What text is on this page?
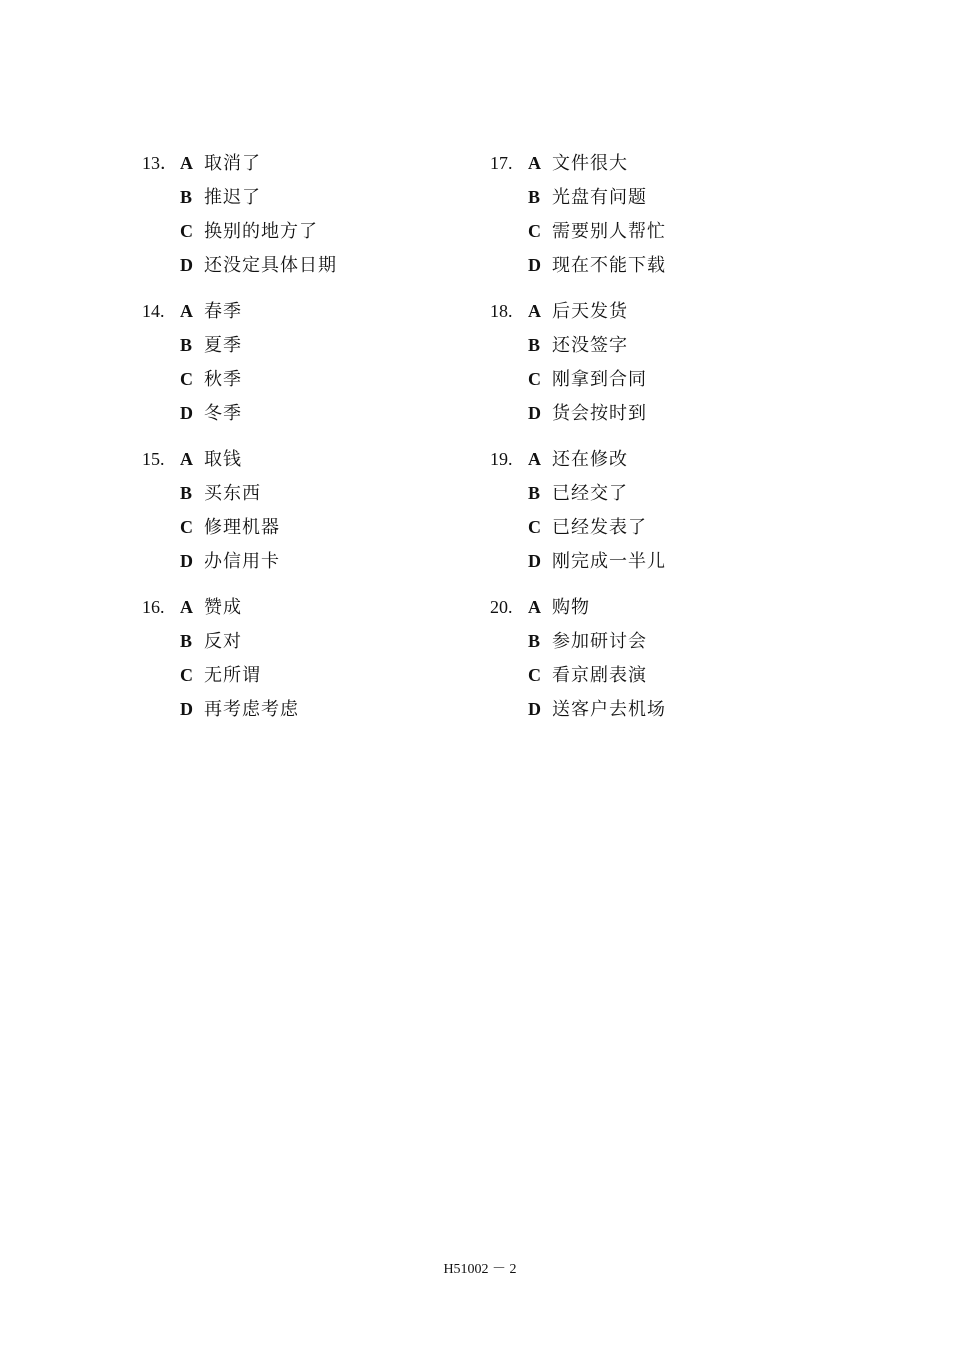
13． A 取消了
B 推迟了
C 换别的地方了
D 还没定具体日期
14. A 春季
B 夏季
C 秋季
D 冬季
15. A 取钱
B 买东西
C 修理机器
D 办信用卡
16. A 赞成
B 反对
C 无所谓
D 再考虑考虑
17. A 文件很大
B 光盘有问题
C 需要别人帮忙
D 现在不能下载
18. A 后天发货
B 还没签字
C 刚拿到合同
D 货会按时到
19. A 还在修改
B 已经交了
C 已经发表了
D 刚完成一半儿
20. A 购物
B 参加研讨会
C 看京剧表演
D 送客户去机场
H51002 － 2
